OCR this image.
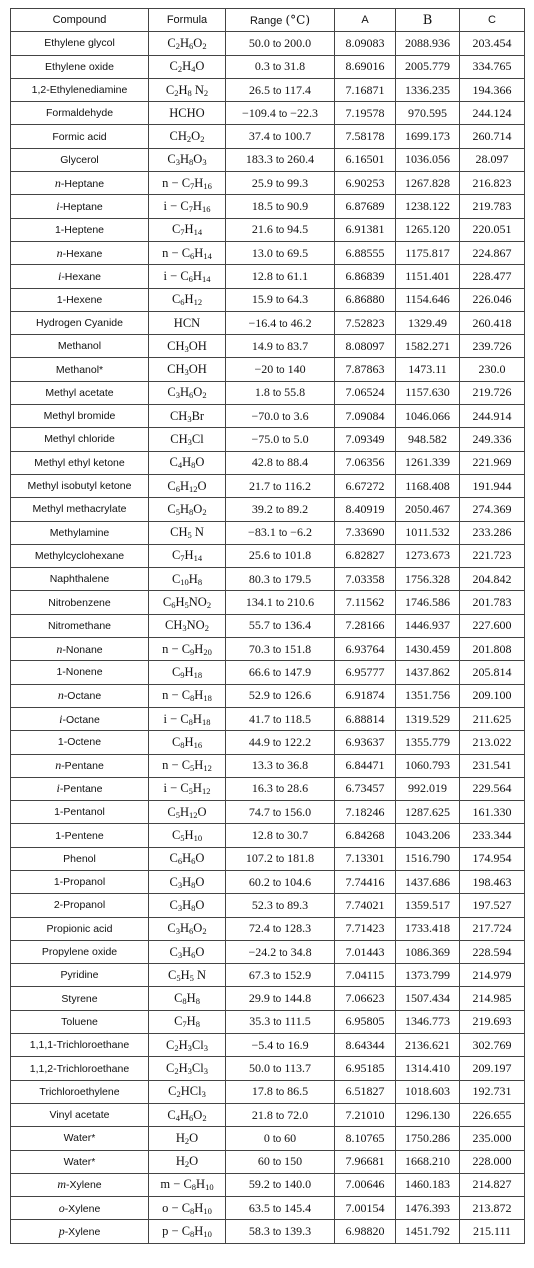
Compound	Formula	Range (°C)	A	B	C
Ethylene glycol	$C_2H_6O_2$	50.0 to 200.0	8.09083	2088.936	203.454
Ethylene oxide	$C_2H_4O$	0.3 to 31.8	8.69016	2005.779	334.765
1,2-Ethylenediamine	$C_2H_8$ $N_2$	26.5 to 117.4	7.16871	1336.235	194.366
Formaldehyde	HCHO	−109.4 to −22.3	7.19578	970.595	244.124
Formic acid	$CH_2O_2$	37.4 to 100.7	7.58178	1699.173	260.714
Glycerol	$C_3H_8O_3$	183.3 to 260.4	6.16501	1036.056	28.097
n-Heptane	$n - C_7H_{16}$	25.9 to 99.3	6.90253	1267.828	216.823
i-Heptane	$i - C_7H_{16}$	18.5 to 90.9	6.87689	1238.122	219.783
1-Heptene	$C_7H_{14}$	21.6 to 94.5	6.91381	1265.120	220.051
n-Hexane	$n - C_6H_{14}$	13.0 to 69.5	6.88555	1175.817	224.867
i-Hexane	$i - C_6H_{14}$	12.8 to 61.1	6.86839	1151.401	228.477
1-Hexene	$C_6H_{12}$	15.9 to 64.3	6.86880	1154.646	226.046
Hydrogen Cyanide	HCN	−16.4 to 46.2	7.52823	1329.49	260.418
Methanol	$CH_3OH$	14.9 to 83.7	8.08097	1582.271	239.726
Methanol*	$CH_3OH$	−20 to 140	7.87863	1473.11	230.0
Methyl acetate	$C_3H_6O_2$	1.8 to 55.8	7.06524	1157.630	219.726
Methyl bromide	$CH_3Br$	−70.0 to 3.6	7.09084	1046.066	244.914
Methyl chloride	$CH_3Cl$	−75.0 to 5.0	7.09349	948.582	249.336
Methyl ethyl ketone	$C_4H_8O$	42.8 to 88.4	7.06356	1261.339	221.969
Methyl isobutyl ketone	$C_6H_{12}O$	21.7 to 116.2	6.67272	1168.408	191.944
Methyl methacrylate	$C_5H_8O_2$	39.2 to 89.2	8.40919	2050.467	274.369
Methylamine	$CH_5$ N	−83.1 to −6.2	7.33690	1011.532	233.286
Methylcyclohexane	$C_7H_{14}$	25.6 to 101.8	6.82827	1273.673	221.723
Naphthalene	$C_{10}H_8$	80.3 to 179.5	7.03358	1756.328	204.842
Nitrobenzene	$C_6H_5NO_2$	134.1 to 210.6	7.11562	1746.586	201.783
Nitromethane	$CH_3NO_2$	55.7 to 136.4	7.28166	1446.937	227.600
n-Nonane	$n - C_9H_{20}$	70.3 to 151.8	6.93764	1430.459	201.808
1-Nonene	$C_9H_{18}$	66.6 to 147.9	6.95777	1437.862	205.814
n-Octane	$n - C_8H_{18}$	52.9 to 126.6	6.91874	1351.756	209.100
i-Octane	$i - C_8H_{18}$	41.7 to 118.5	6.88814	1319.529	211.625
1-Octene	$C_8H_{16}$	44.9 to 122.2	6.93637	1355.779	213.022
n-Pentane	$n - C_5H_{12}$	13.3 to 36.8	6.84471	1060.793	231.541
i-Pentane	$i - C_5H_{12}$	16.3 to 28.6	6.73457	992.019	229.564
1-Pentanol	$C_5H_{12}O$	74.7 to 156.0	7.18246	1287.625	161.330
1-Pentene	$C_5H_{10}$	12.8 to 30.7	6.84268	1043.206	233.344
Phenol	$C_6H_6O$	107.2 to 181.8	7.13301	1516.790	174.954
1-Propanol	$C_3H_8O$	60.2 to 104.6	7.74416	1437.686	198.463
2-Propanol	$C_3H_8O$	52.3 to 89.3	7.74021	1359.517	197.527
Propionic acid	$C_3H_6O_2$	72.4 to 128.3	7.71423	1733.418	217.724
Propylene oxide	$C_3H_6O$	−24.2 to 34.8	7.01443	1086.369	228.594
Pyridine	$C_5H_5$ N	67.3 to 152.9	7.04115	1373.799	214.979
Styrene	$C_8H_8$	29.9 to 144.8	7.06623	1507.434	214.985
Toluene	$C_7H_8$	35.3 to 111.5	6.95805	1346.773	219.693
1,1,1-Trichloroethane	$C_2H_3Cl_3$	−5.4 to 16.9	8.64344	2136.621	302.769
1,1,2-Trichloroethane	$C_2H_3Cl_3$	50.0 to 113.7	6.95185	1314.410	209.197
Trichloroethylene	$C_2HCl_3$	17.8 to 86.5	6.51827	1018.603	192.731
Vinyl acetate	$C_4H_6O_2$	21.8 to 72.0	7.21010	1296.130	226.655
Water*	$H_2O$	0 to 60	8.10765	1750.286	235.000
Water*	$H_2O$	60 to 150	7.96681	1668.210	228.000
m-Xylene	$m - C_8H_{10}$	59.2 to 140.0	7.00646	1460.183	214.827
o-Xylene	$o - C_8H_{10}$	63.5 to 145.4	7.00154	1476.393	213.872
p-Xylene	$p - C_8H_{10}$	58.3 to 139.3	6.98820	1451.792	215.111
